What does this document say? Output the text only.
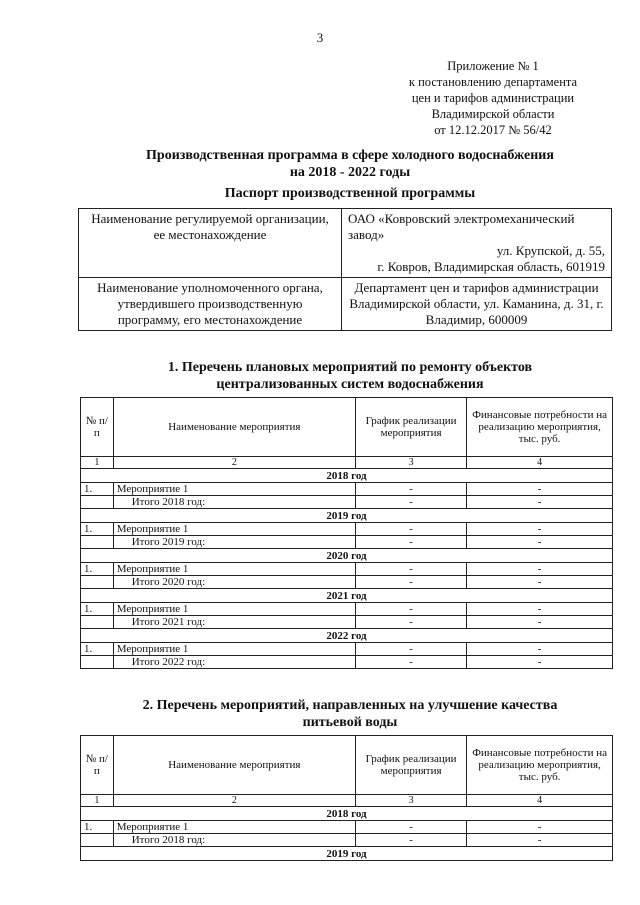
3
Приложение № 1
к постановлению департамента
цен и тарифов администрации
Владимирской области
от 12.12.2017 № 56/42
Производственная программа в сфере холодного водоснабжения
на 2018 - 2022 годы
Паспорт производственной программы
Наименование регулируемой организации, ее местонахождение	ОАО «Ковровский электромеханический завод»
ул. Крупской, д. 55,
г. Ковров, Владимирская область, 601919

Наименование уполномоченного органа, утвердившего производственную программу, его местонахождение	Департамент цен и тарифов администрации Владимирской области, ул. Каманина, д. 31, г. Владимир, 600009
1. Перечень плановых мероприятий по ремонту объектов
централизованных систем водоснабжения
№ п/п	Наименование мероприятия	График реализации мероприятия	Финансовые потребности на реализацию мероприятия, тыс. руб.
1	2	3	4
2018 год			
1.	Мероприятие 1	-	-
	Итого 2018 год:	-	-
2019 год			
1.	Мероприятие 1	-	-
	Итого 2019 год:	-	-
2020 год			
1.	Мероприятие 1	-	-
	Итого 2020 год:	-	-
2021 год			
1.	Мероприятие 1	-	-
	Итого 2021 год:	-	-
2022 год			
1.	Мероприятие 1	-	-
	Итого 2022 год:	-	-
2. Перечень мероприятий, направленных на улучшение качества
питьевой воды
№ п/п	Наименование мероприятия	График реализации мероприятия	Финансовые потребности на реализацию мероприятия, тыс. руб.
1	2	3	4
2018 год			
1.	Мероприятие 1	-	-
	Итого 2018 год:	-	-
2019 год			
